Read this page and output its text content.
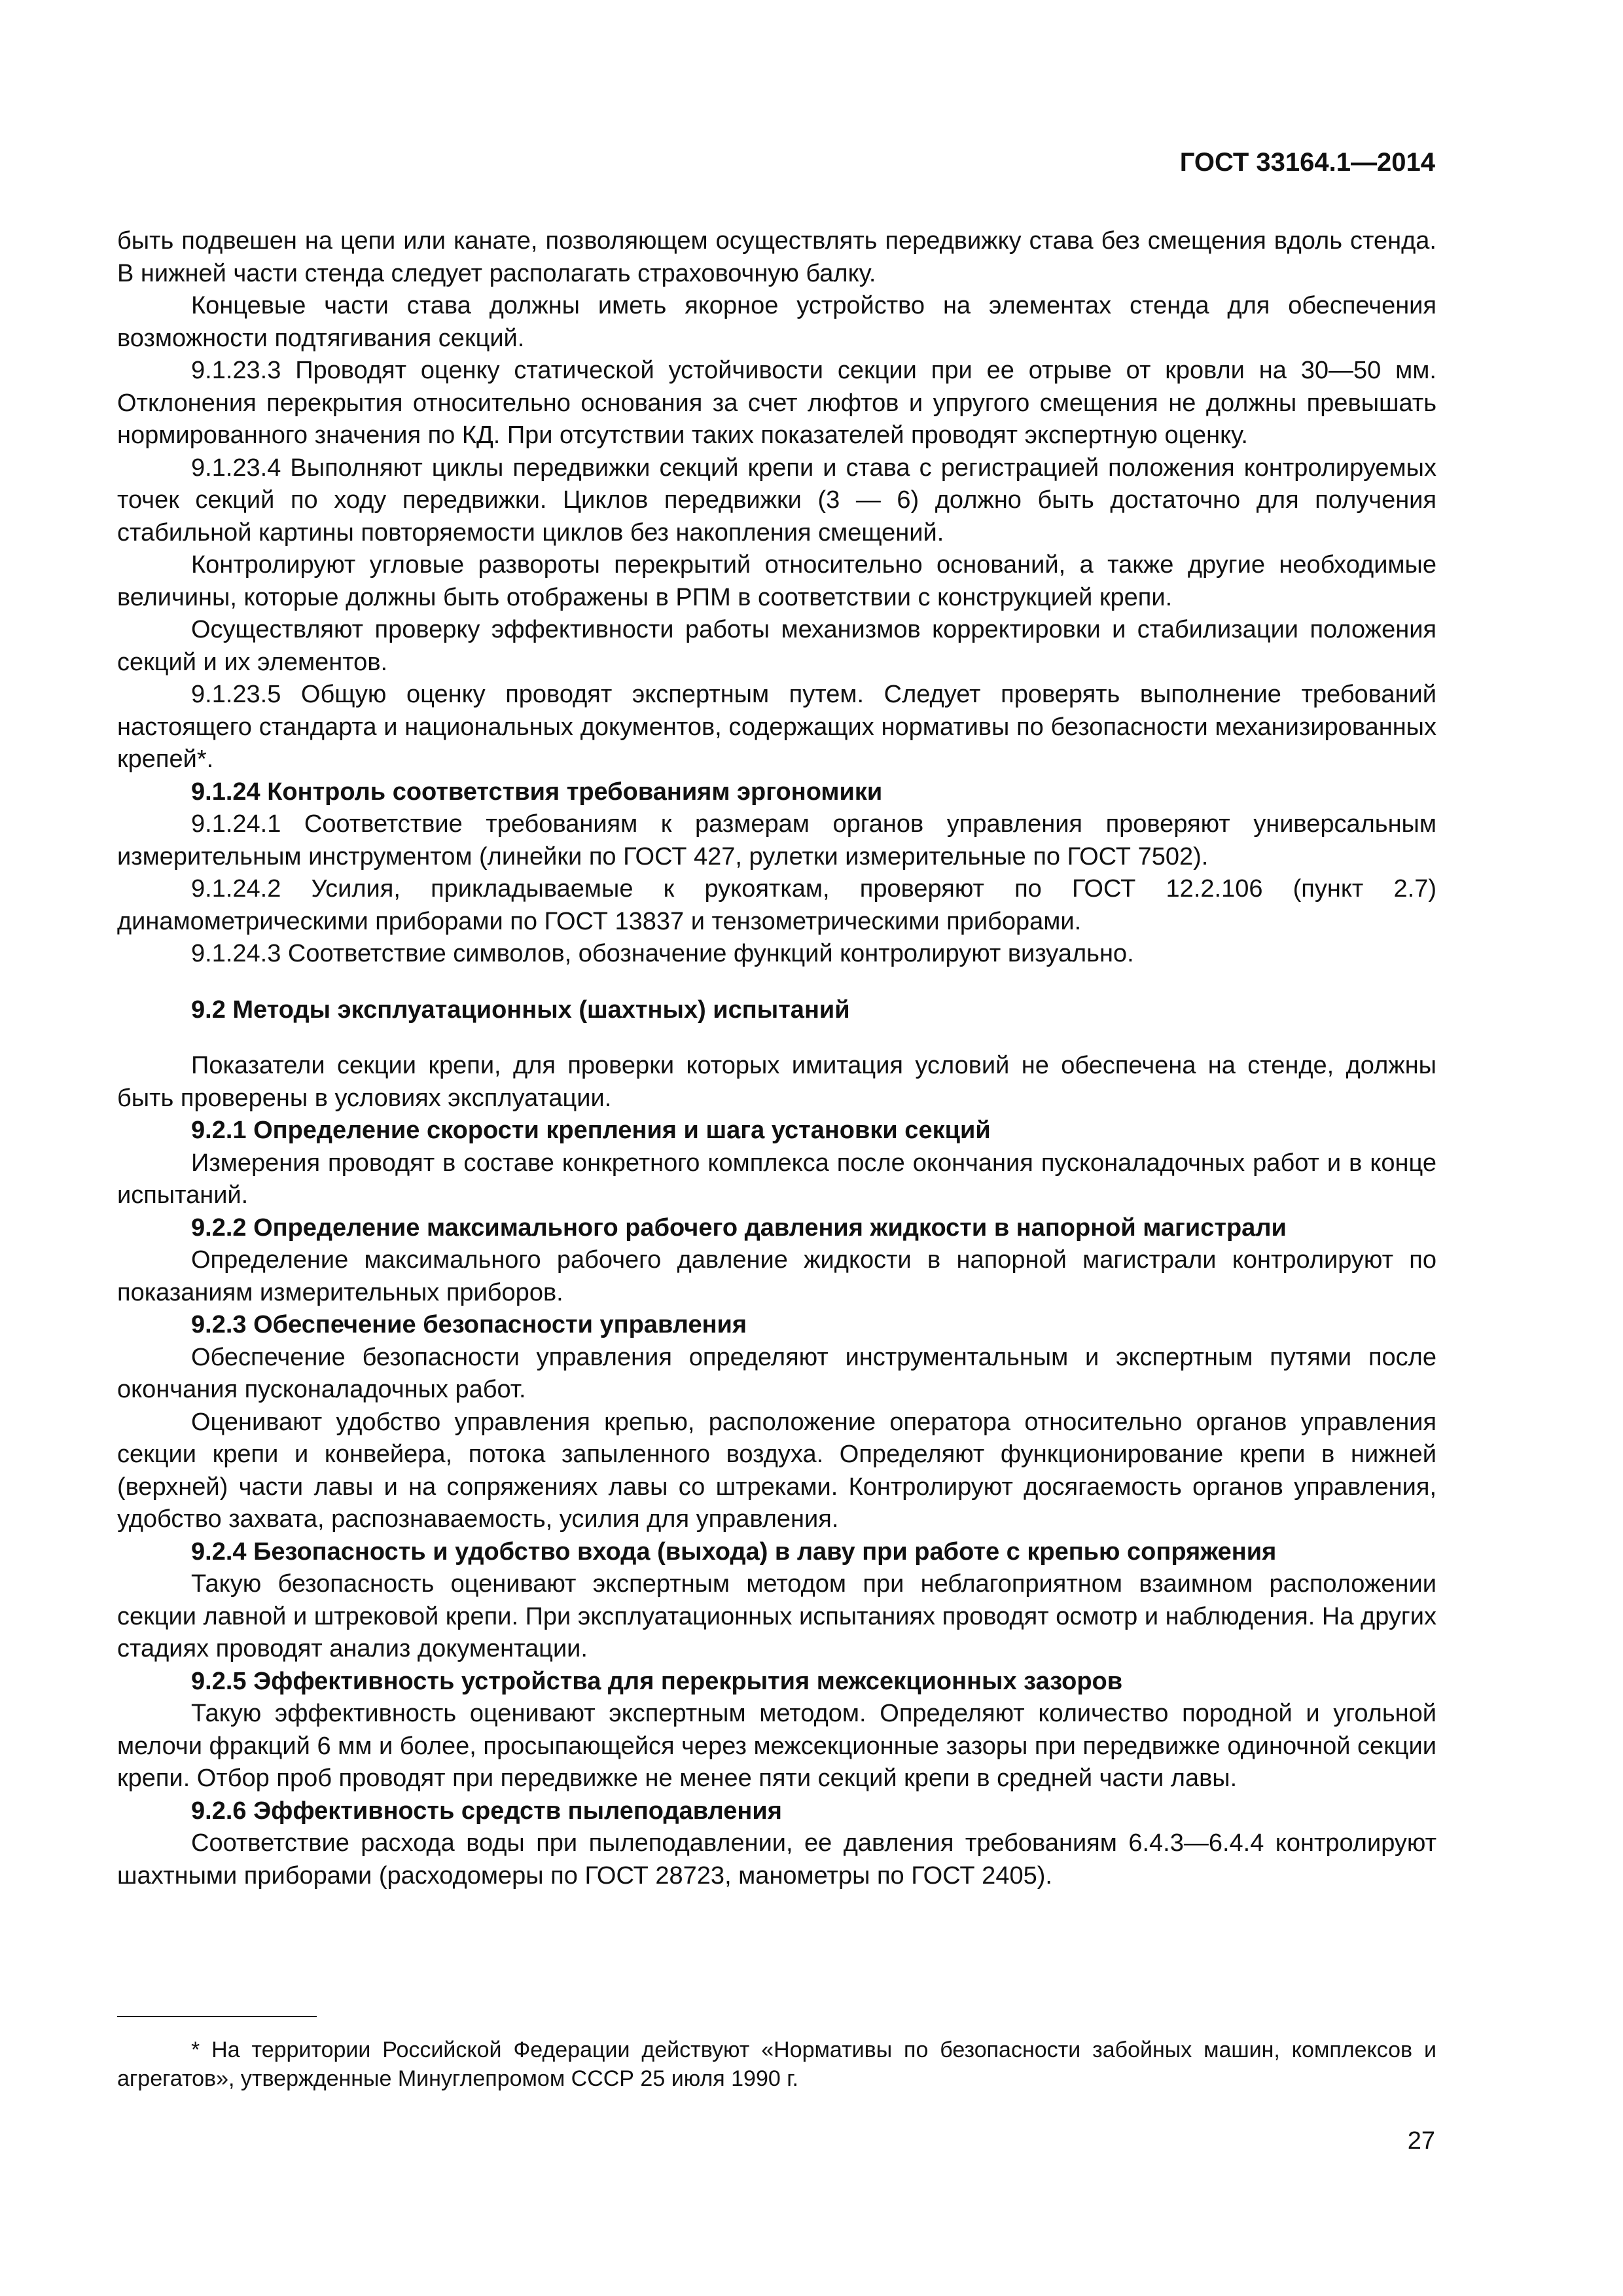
ГОСТ 33164.1—2014

быть подвешен на цепи или канате, позволяющем осуществлять передвижку става без смещения вдоль стенда. В нижней части стенда следует располагать страховочную балку.

Концевые части става должны иметь якорное устройство на элементах стенда для обеспечения возможности подтягивания секций.

9.1.23.3 Проводят оценку статической устойчивости секции при ее отрыве от кровли на 30—50 мм. Отклонения перекрытия относительно основания за счет люфтов и упругого смещения не должны превышать нормированного значения по КД. При отсутствии таких показателей проводят экспертную оценку.

9.1.23.4 Выполняют циклы передвижки секций крепи и става с регистрацией положения контролируемых точек секций по ходу передвижки. Циклов передвижки (3 — 6) должно быть достаточно для получения стабильной картины повторяемости циклов без накопления смещений.

Контролируют угловые развороты перекрытий относительно оснований, а также другие необходимые величины, которые должны быть отображены в РПМ в соответствии с конструкцией крепи.

Осуществляют проверку эффективности работы механизмов корректировки и стабилизации положения секций и их элементов.

9.1.23.5 Общую оценку проводят экспертным путем. Следует проверять выполнение требований настоящего стандарта и национальных документов, содержащих нормативы по безопасности механизированных крепей*.

9.1.24 Контроль соответствия требованиям эргономики

9.1.24.1 Соответствие требованиям к размерам органов управления проверяют универсальным измерительным инструментом (линейки по ГОСТ 427, рулетки измерительные по ГОСТ 7502).

9.1.24.2 Усилия, прикладываемые к рукояткам, проверяют по ГОСТ 12.2.106 (пункт 2.7) динамометрическими приборами по ГОСТ 13837 и тензометрическими приборами.

9.1.24.3 Соответствие символов, обозначение функций контролируют визуально.

9.2 Методы эксплуатационных (шахтных) испытаний

Показатели секции крепи, для проверки которых имитация условий не обеспечена на стенде, должны быть проверены в условиях эксплуатации.

9.2.1 Определение скорости крепления и шага установки секций

Измерения проводят в составе конкретного комплекса после окончания пусконаладочных работ и в конце испытаний.

9.2.2 Определение максимального рабочего давления жидкости в напорной магистрали

Определение максимального рабочего давление жидкости в напорной магистрали контролируют по показаниям измерительных приборов.

9.2.3 Обеспечение безопасности управления

Обеспечение безопасности управления определяют инструментальным и экспертным путями после окончания пусконаладочных работ.

Оценивают удобство управления крепью, расположение оператора относительно органов управления секции крепи и конвейера, потока запыленного воздуха. Определяют функционирование крепи в нижней (верхней) части лавы и на сопряжениях лавы со штреками. Контролируют досягаемость органов управления, удобство захвата, распознаваемость, усилия для управления.

9.2.4 Безопасность и удобство входа (выхода) в лаву при работе с крепью сопряжения

Такую безопасность оценивают экспертным методом при неблагоприятном взаимном расположении секции лавной и штрековой крепи. При эксплуатационных испытаниях проводят осмотр и наблюдения. На других стадиях проводят анализ документации.

9.2.5 Эффективность устройства для перекрытия межсекционных зазоров

Такую эффективность оценивают экспертным методом. Определяют количество породной и угольной мелочи фракций 6 мм и более, просыпающейся через межсекционные зазоры при передвижке одиночной секции крепи. Отбор проб проводят при передвижке не менее пяти секций крепи в средней части лавы.

9.2.6 Эффективность средств пылеподавления

Соответствие расхода воды при пылеподавлении, ее давления требованиям 6.4.3—6.4.4 контролируют шахтными приборами (расходомеры по ГОСТ 28723, манометры по ГОСТ 2405).

* На территории Российской Федерации действуют «Нормативы по безопасности забойных машин, комплексов и агрегатов», утвержденные Минуглепромом СССР 25 июля 1990 г.

27
